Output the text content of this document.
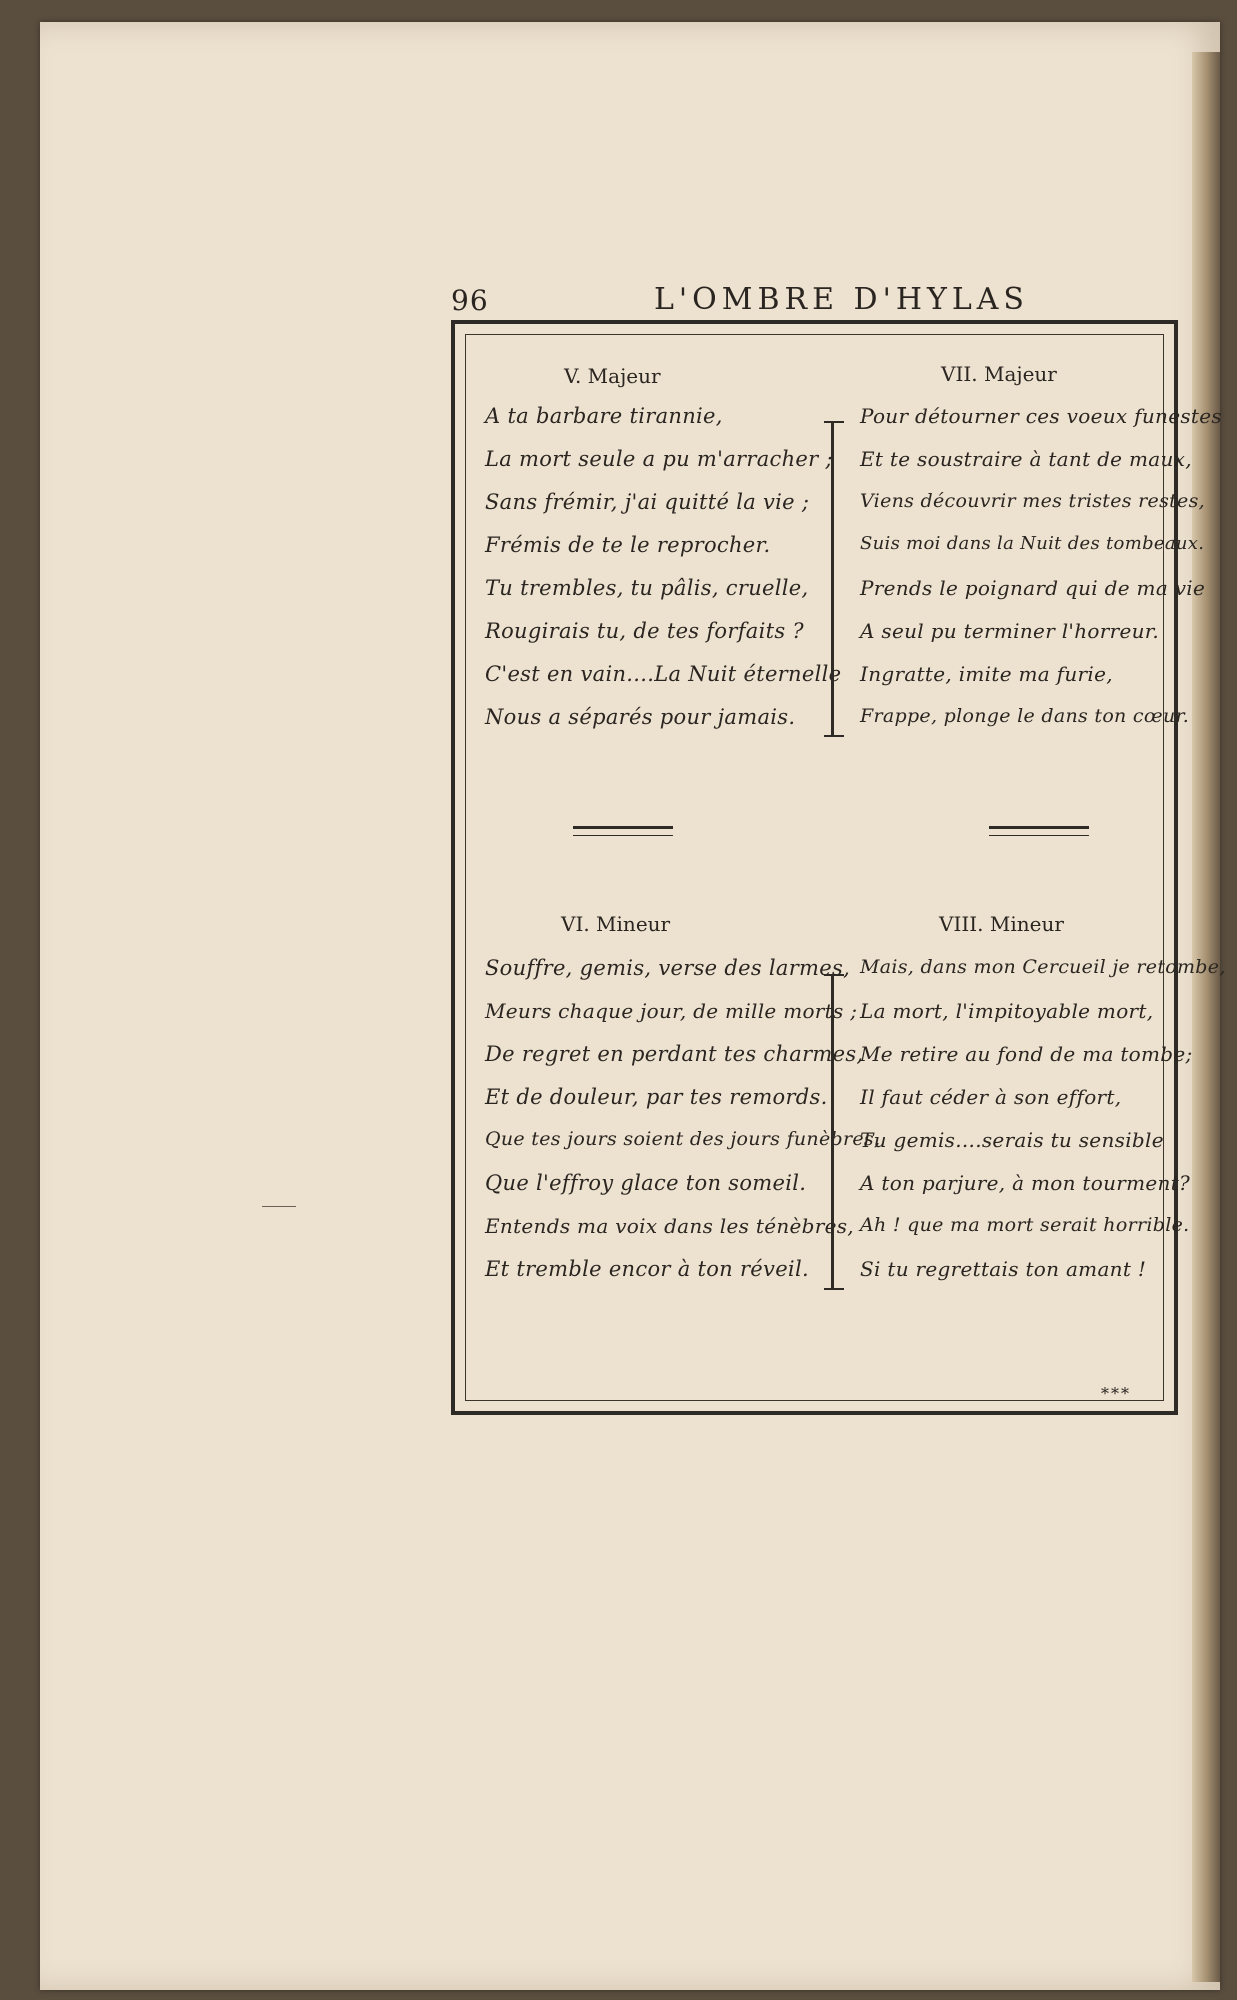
96	L'OMBRE D'HYLAS
V. Majeur
A ta barbare tirannie,
La mort seule a pu m'arracher ;
Sans frémir, j'ai quitté la vie ;
Frémis de te le reprocher.
Tu trembles, tu pâlis, cruelle,
Rougirais tu, de tes forfaits ?
C'est en vain....La Nuit éternelle
Nous a séparés pour jamais.
VII. Majeur
Pour détourner ces voeux funestes
Et te soustraire à tant de maux,
Viens découvrir mes tristes restes,
Suis moi dans la Nuit des tombeaux.
Prends le poignard qui de ma vie
A seul pu terminer l'horreur.
Ingratte, imite ma furie,
Frappe, plonge le dans ton cœur.
VI. Mineur
Souffre, gemis, verse des larmes,
Meurs chaque jour, de mille morts ;
De regret en perdant tes charmes,
Et de douleur, par tes remords.
Que tes jours soient des jours funèbres,
Que l'effroy glace ton someil.
Entends ma voix dans les ténèbres,
Et tremble encor à ton réveil.
VIII. Mineur
Mais, dans mon Cercueil je retombe,
La mort, l'impitoyable mort,
Me retire au fond de ma tombe;
Il faut céder à son effort,
Tu gemis....serais tu sensible
A ton parjure, à mon tourment?
Ah ! que ma mort serait horrible.
Si tu regrettais ton amant !
***
